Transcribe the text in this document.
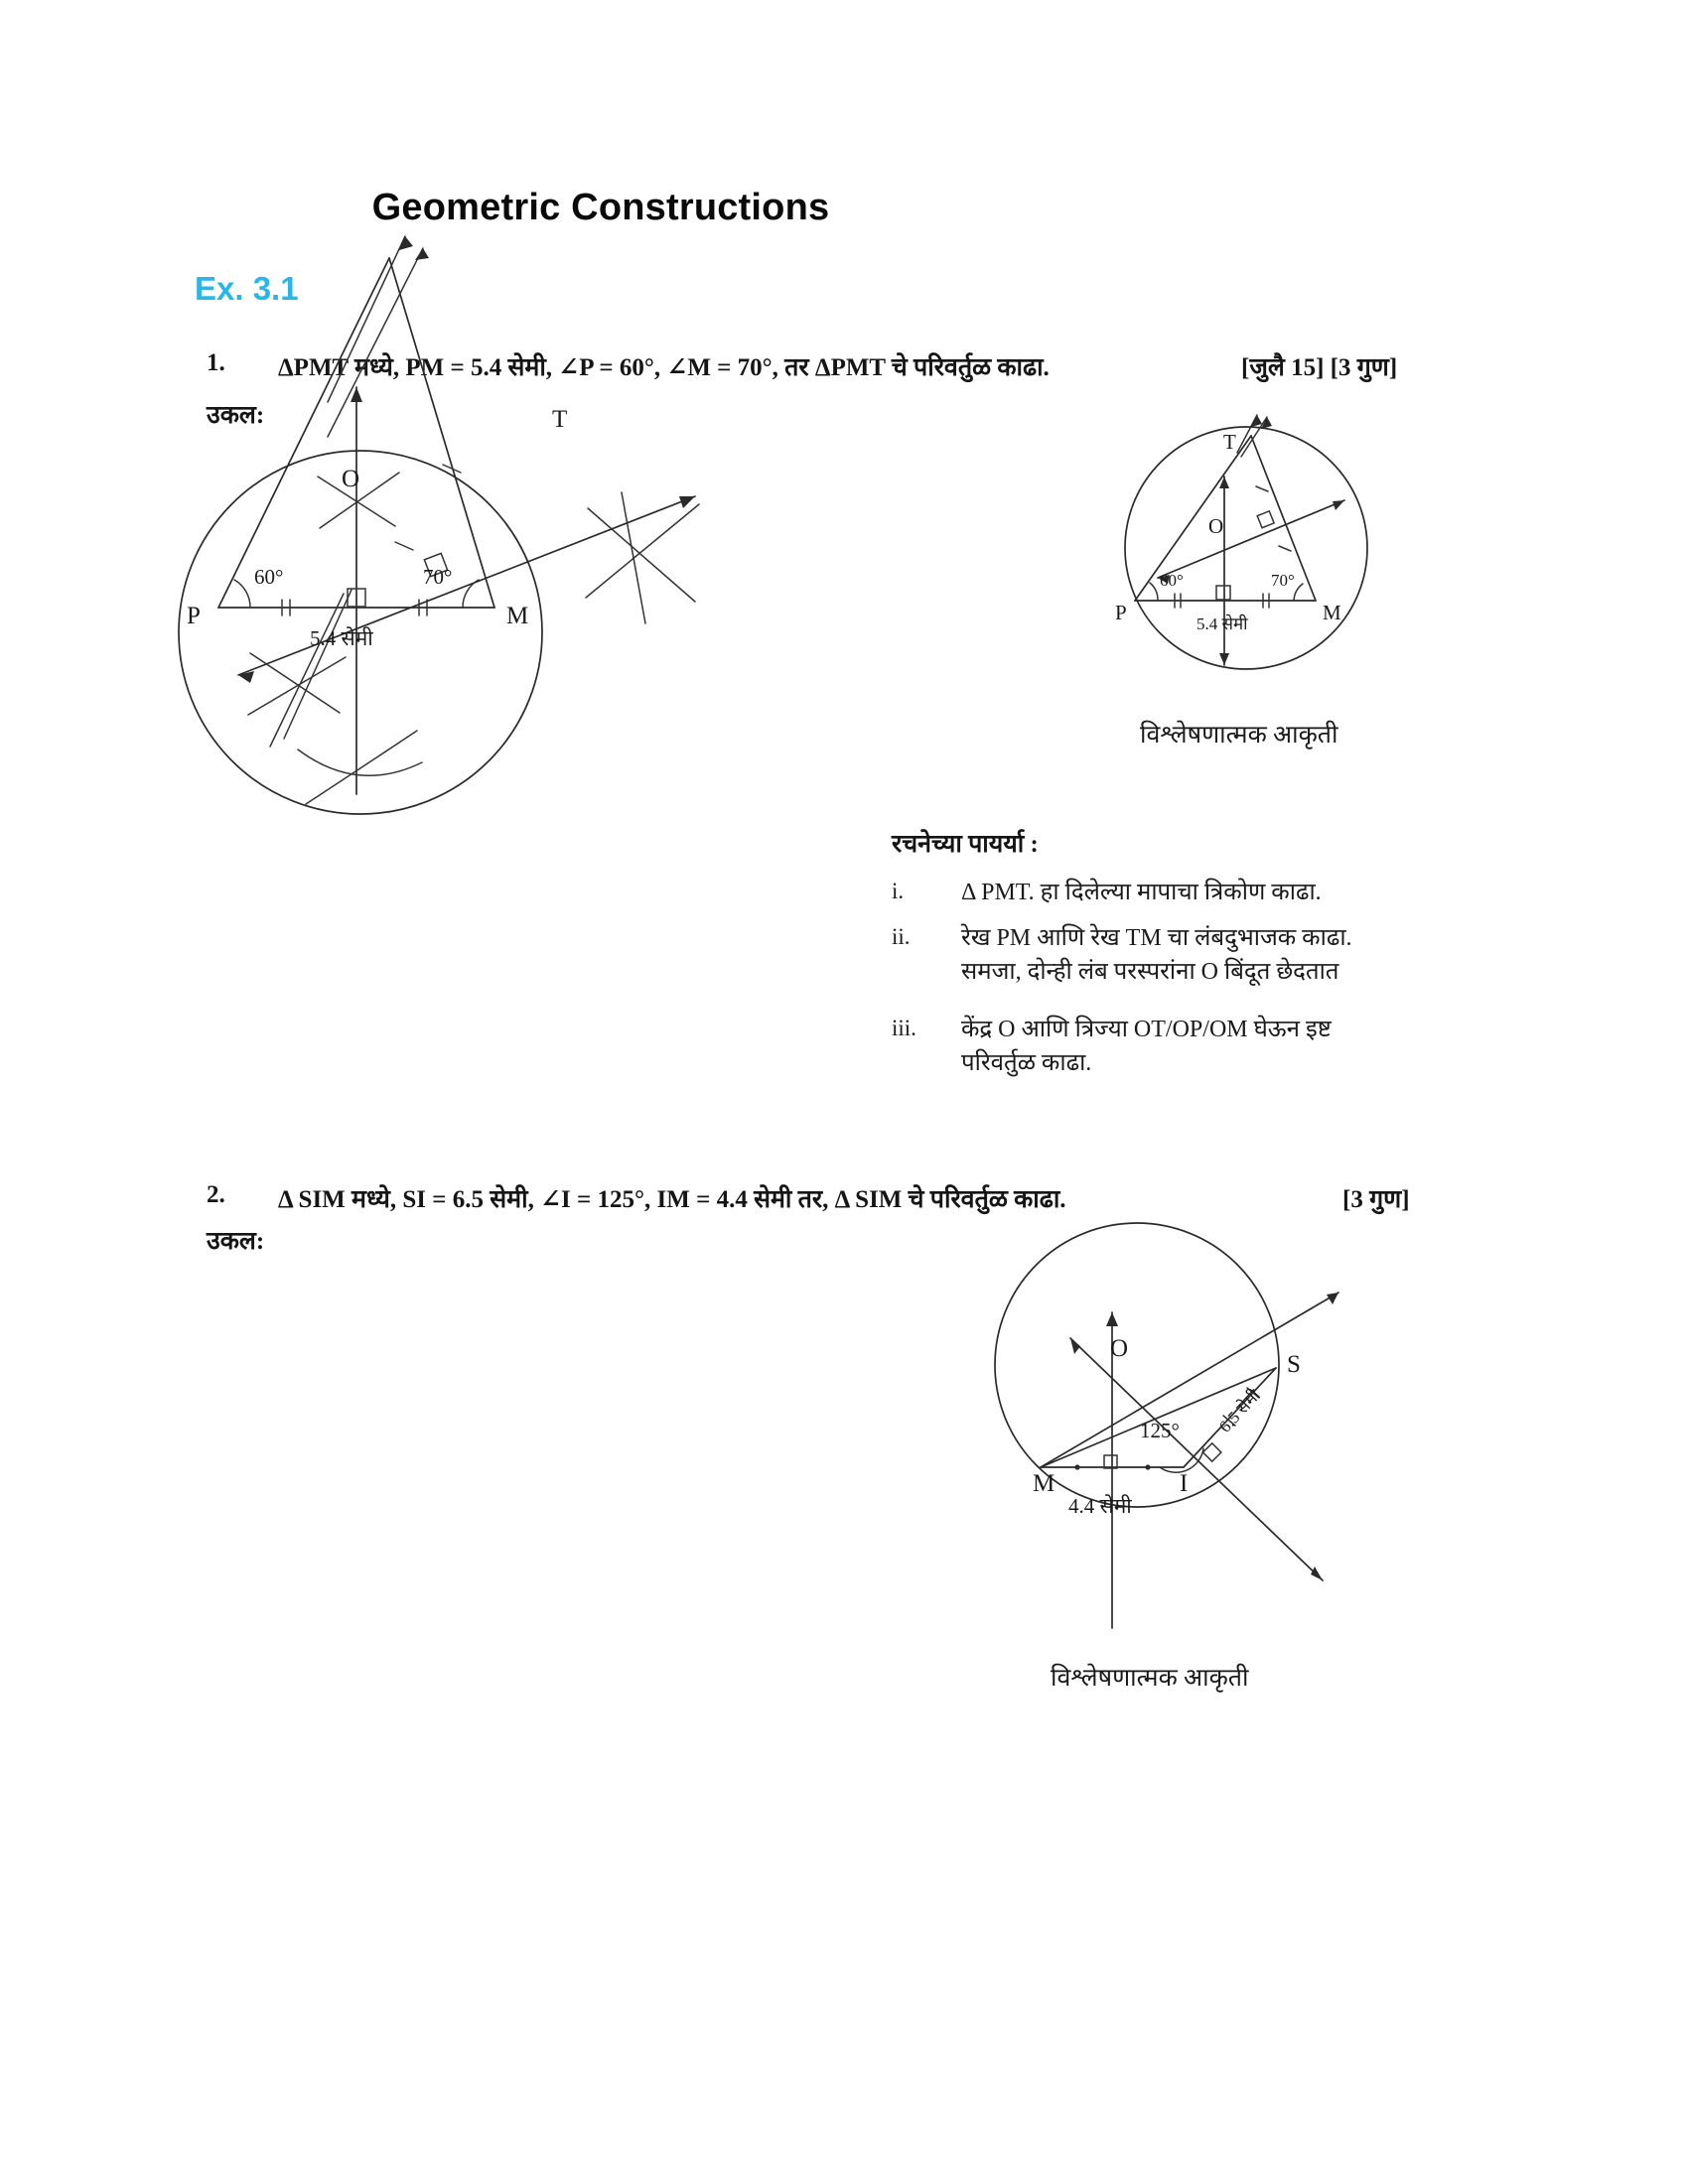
Geometric Constructions
Ex. 3.1
1. ΔPMT मध्ये, PM = 5.4 सेमी, ∠P = 60°, ∠M = 70°, तर ΔPMT चे परिवर्तुळ काढा.	[जुलै 15] [3 गुण]
उकल:	T
P	M
O
60°	70°
5.4 सेमी
T
P	M
O
60°	70°
5.4 सेमी
विश्लेषणात्मक आकृती
रचनेच्या पायर्या :
i.	Δ PMT. हा दिलेल्या मापाचा त्रिकोण काढा.
ii.	रेख PM आणि रेख TM चा लंबदुभाजक काढा.
समजा, दोन्ही लंब परस्परांना O बिंदूत छेदतात
iii.	केंद्र O आणि त्रिज्या OT/OP/OM घेऊन इष्ट
परिवर्तुळ काढा.
2. Δ SIM मध्ये, SI = 6.5 सेमी, ∠I = 125°, IM = 4.4 सेमी तर, Δ SIM चे परिवर्तुळ काढा.	[3 गुण]
उकल:
M	I
S
O
125°
4.4 सेमी
6.5 सेमी
विश्लेषणात्मक आकृती
